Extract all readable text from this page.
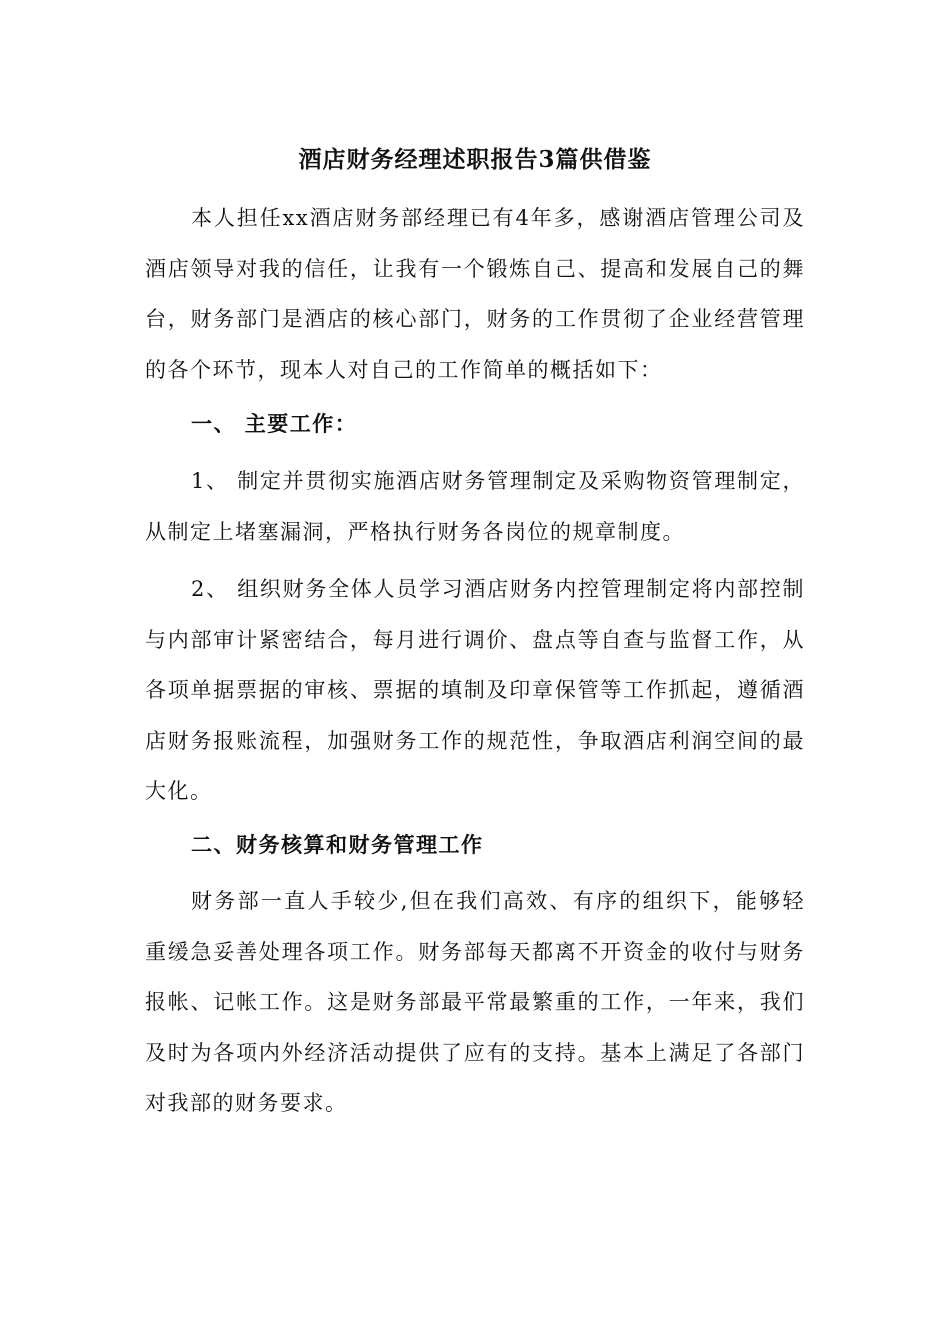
酒店财务经理述职报告3篇供借鉴

本人担任xx酒店财务部经理已有4年多，感谢酒店管理公司及酒店领导对我的信任，让我有一个锻炼自己、提高和发展自己的舞台，财务部门是酒店的核心部门，财务的工作贯彻了企业经营管理的各个环节，现本人对自己的工作简单的概括如下：

一、 主要工作：

1、 制定并贯彻实施酒店财务管理制定及采购物资管理制定，从制定上堵塞漏洞，严格执行财务各岗位的规章制度。

2、 组织财务全体人员学习酒店财务内控管理制定将内部控制与内部审计紧密结合，每月进行调价、盘点等自查与监督工作，从各项单据票据的审核、票据的填制及印章保管等工作抓起，遵循酒店财务报账流程，加强财务工作的规范性，争取酒店利润空间的最大化。

二、财务核算和财务管理工作

财务部一直人手较少,但在我们高效、有序的组织下，能够轻重缓急妥善处理各项工作。财务部每天都离不开资金的收付与财务报帐、记帐工作。这是财务部最平常最繁重的工作，一年来，我们及时为各项内外经济活动提供了应有的支持。基本上满足了各部门对我部的财务要求。
